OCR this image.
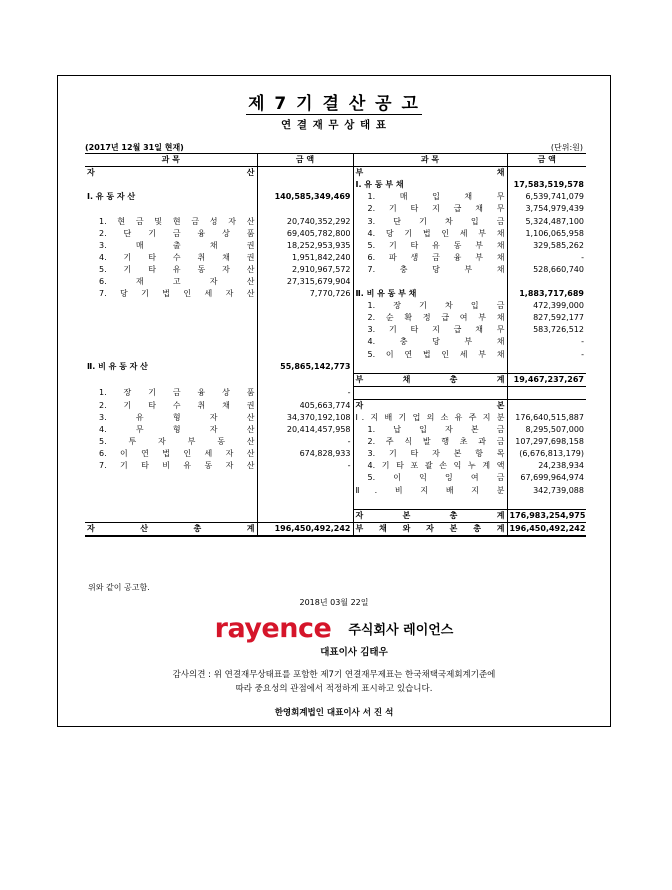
제 7 기 결 산 공 고
연 결 재 무 상 태 표
(2017년 12월 31일 현재)	(단위:원)
과 목	금 액	과 목	금 액
자 산		부 채	
		Ⅰ. 유 동 부 채	17,583,519,578
Ⅰ. 유 동 자 산	140,585,349,469	1. 매 입 채 무	6,539,741,079
		2. 기 타 지 급 채 무	3,754,979,439
1. 현 금 및 현 금 성 자 산	20,740,352,292	3. 단 기 차 입 금	5,324,487,100
2. 단 기 금 융 상 품	69,405,782,800	4. 당 기 법 인 세 부 채	1,106,065,958
3. 매 출 채 권	18,252,953,935	5. 기 타 유 동 부 채	329,585,262
4. 기 타 수 취 채 권	1,951,842,240	6. 파 생 금 융 부 채	-
5. 기 타 유 동 자 산	2,910,967,572	7. 충 당 부 채	528,660,740
6. 재 고 자 산	27,315,679,904		
7. 당 기 법 인 세 자 산	7,770,726	Ⅱ. 비 유 동 부 채	1,883,717,689
		1. 장 기 차 입 금	472,399,000
		2. 순 확 정 급 여 부 채	827,592,177
		3. 기 타 지 급 채 무	583,726,512
		4. 충 당 부 채	-
		5. 이 연 법 인 세 부 채	-
Ⅱ. 비 유 동 자 산	55,865,142,773		
		부 채 총 계	19,467,237,267
1. 장 기 금 융 상 품	-		
2. 기 타 수 취 채 권	405,663,774	자 본	
3. 유 형 자 산	34,370,192,108	Ⅰ. 지 배 기 업 의 소 유 주 지 분	176,640,515,887
4. 무 형 자 산	20,414,457,958	1. 납 입 자 본 금	8,295,507,000
5. 투 자 부 동 산	-	2. 주 식 발 행 초 과 금	107,297,698,158
6. 이 연 법 인 세 자 산	674,828,933	3. 기 타 자 본 항 목	(6,676,813,179)
7. 기 타 비 유 동 자 산	-	4. 기 타 포 괄 손 익 누 계 액	24,238,934
		5. 이 익 잉 여 금	67,699,964,974
		Ⅱ. 비 지 배 지 분	342,739,088

		자 본 총 계	176,983,254,975
자 산 총 계	196,450,492,242	부 채 와 자 본 총 계	196,450,492,242
위와 같이 공고함.
2018년 03월 22일
rayence 주식회사 레이언스
대표이사 김태우
감사의견 : 위 연결재무상태표를 포함한 제7기 연결재무제표는 한국채택국제회계기준에
따라 중요성의 관점에서 적정하게 표시하고 있습니다.
한영회계법인 대표이사 서 진 석
